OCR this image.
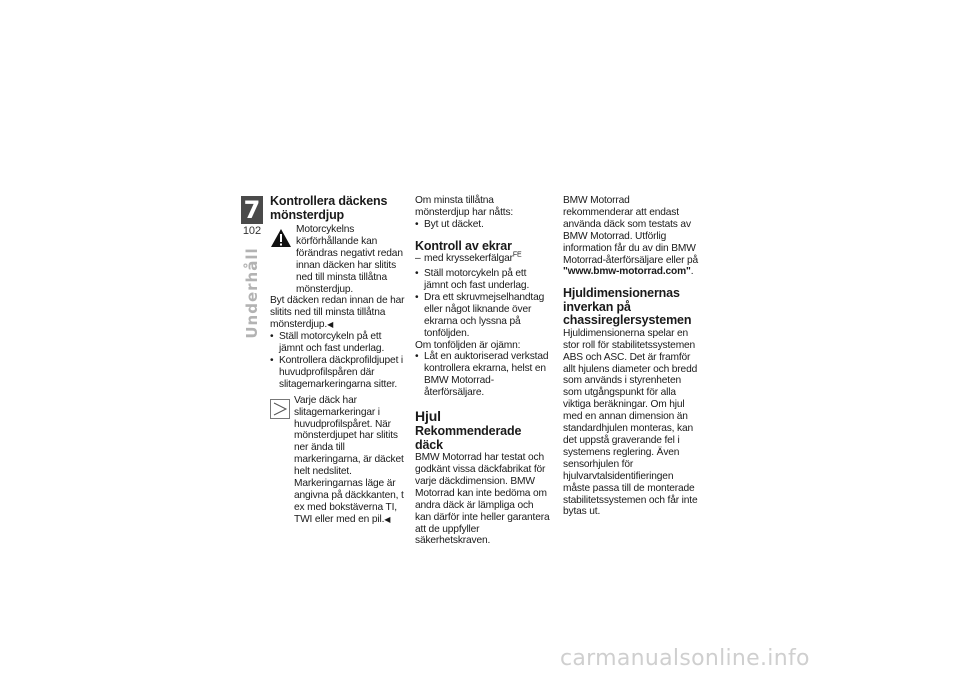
7
102
Underhåll
Kontrollera däckens
mönsterdjup

Motorcykelns körförhållande kan förändras negativt redan innan däcken har slitits ned till minsta tillåtna mönsterdjup.

Byt däcken redan innan de har slitits ned till minsta tillåtna mönsterdjup.◀

• Ställ motorcykeln på ett jämnt och fast underlag.
• Kontrollera däckprofildjupet i huvudprofilspåren där slitagemarkeringarna sitter.

Varje däck har slitagemarkeringar i huvudprofilspåret. När mönsterdjupet har slitits ner ända till markeringarna, är däcket helt nedslitet. Markeringarnas läge är angivna på däckkanten, t ex med bokstäverna TI, TWI eller med en pil.◀

Om minsta tillåtna mönsterdjup har nåtts:

• Byt ut däcket.
Kontroll av ekrar
– med kryssekerfälgar$^{FE}$
• Ställ motorcykeln på ett jämnt och fast underlag.
• Dra ett skruvmejselhandtag eller något liknande över ekrarna och lyssna på tonföljden.

Om tonföljden är ojämn:

• Låt en auktoriserad verkstad kontrollera ekrarna, helst en BMW Motorrad-återförsäljare.
Hjul
Rekommenderade däck

BMW Motorrad har testat och godkänt vissa däckfabrikat för varje däckdimension. BMW Motorrad kan inte bedöma om andra däck är lämpliga och kan därför inte heller garantera att de uppfyller säkerhetskraven.

BMW Motorrad rekommenderar att endast använda däck som testats av BMW Motorrad. Utförlig information får du av din BMW Motorrad-återförsäljare eller på "www.bmw-motorrad.com".

Hjuldimensionernas
inverkan på
chassireglersystemen

Hjuldimensionerna spelar en stor roll för stabilitetssystemen ABS och ASC. Det är framför allt hjulens diameter och bredd som används i styrenheten som utgångspunkt för alla viktiga beräkningar. Om hjul med en annan dimension än standardhjulen monteras, kan det uppstå graverande fel i systemens reglering. Även sensorhjulen för hjulvarvtalsidentifieringen måste passa till de monterade stabilitetssystemen och får inte bytas ut.

carmanualsonline.info
